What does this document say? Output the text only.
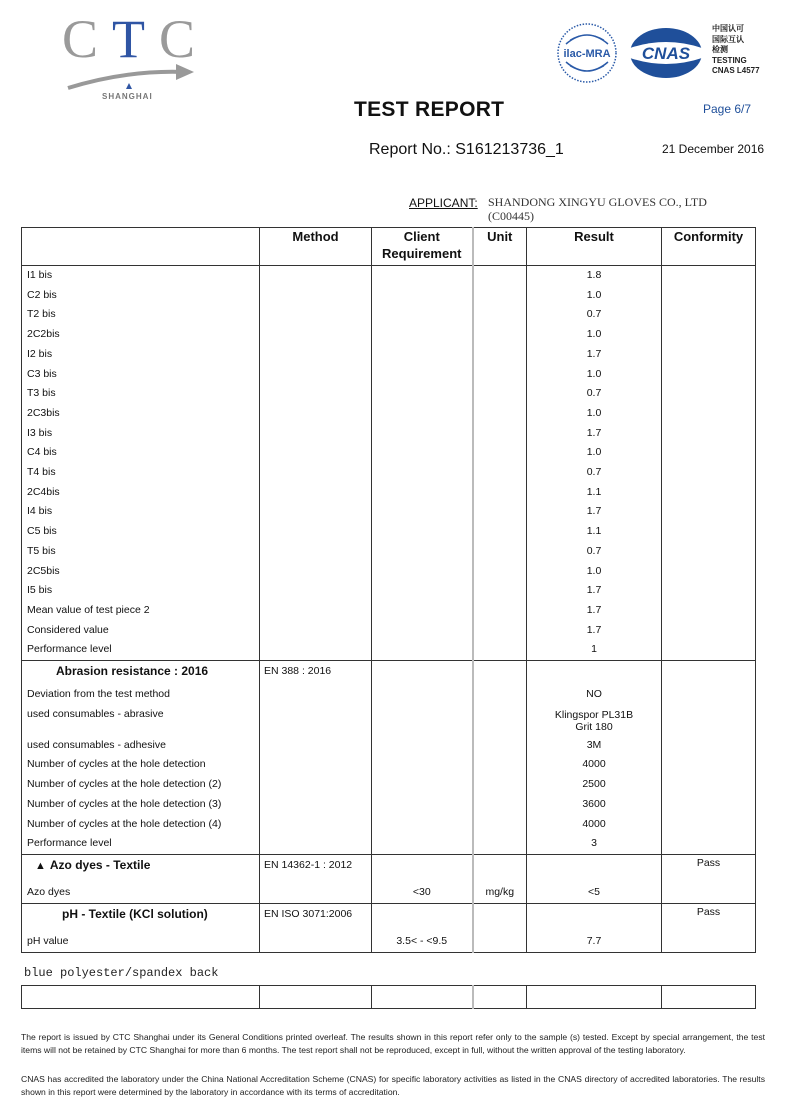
CTC
SHANGHAI
ilac-MRA CNAS
中国认可
国际互认
检测
TESTING
CNAS L4577
TEST REPORT	Page 6/7
Report No.: S161213736_1	21 December 2016
APPLICANT: SHANDONG XINGYU GLOVES CO., LTD
(C00445)
	Method	Client
Requirement	Unit	Result	Conformity
I1 bis				1.8	
C2 bis				1.0	
T2 bis				0.7	
2C2bis				1.0	
I2 bis				1.7	
C3 bis				1.0	
T3 bis				0.7	
2C3bis				1.0	
I3 bis				1.7	
C4 bis				1.0	
T4 bis				0.7	
2C4bis				1.1	
I4 bis				1.7	
C5 bis				1.1	
T5 bis				0.7	
2C5bis				1.0	
I5 bis				1.7	
Mean value of test piece 2				1.7	
Considered value				1.7	
Performance level				1	
Abrasion resistance : 2016	EN 388 : 2016				
Deviation from the test method				NO	
used consumables - abrasive				Klingspor PL31B Grit 180	
used consumables - adhesive				3M	
Number of cycles at the hole detection				4000	
Number of cycles at the hole detection (2)				2500	
Number of cycles at the hole detection (3)				3600	
Number of cycles at the hole detection (4)				4000	
Performance level				3	
▲ Azo dyes - Textile	EN 14362-1 : 2012				Pass
Azo dyes		<30	mg/kg	<5	
pH - Textile (KCl solution)	EN ISO 3071:2006				Pass
pH value		3.5< - <9.5		7.7	
blue polyester/spandex back

The report is issued by CTC Shanghai under its General Conditions printed overleaf. The results shown in this report refer only to the sample (s) tested. Except by special arrangement, the test items will not be retained by CTC Shanghai for more than 6 months. The test report shall not be reproduced, except in full, without the written approval of the testing laboratory.
CNAS has accredited the laboratory under the China National Accreditation Scheme (CNAS) for specific laboratory activities as listed in the CNAS directory of accredited laboratories. The results shown in this report were determined by the laboratory in accordance with its terms of accreditation.
